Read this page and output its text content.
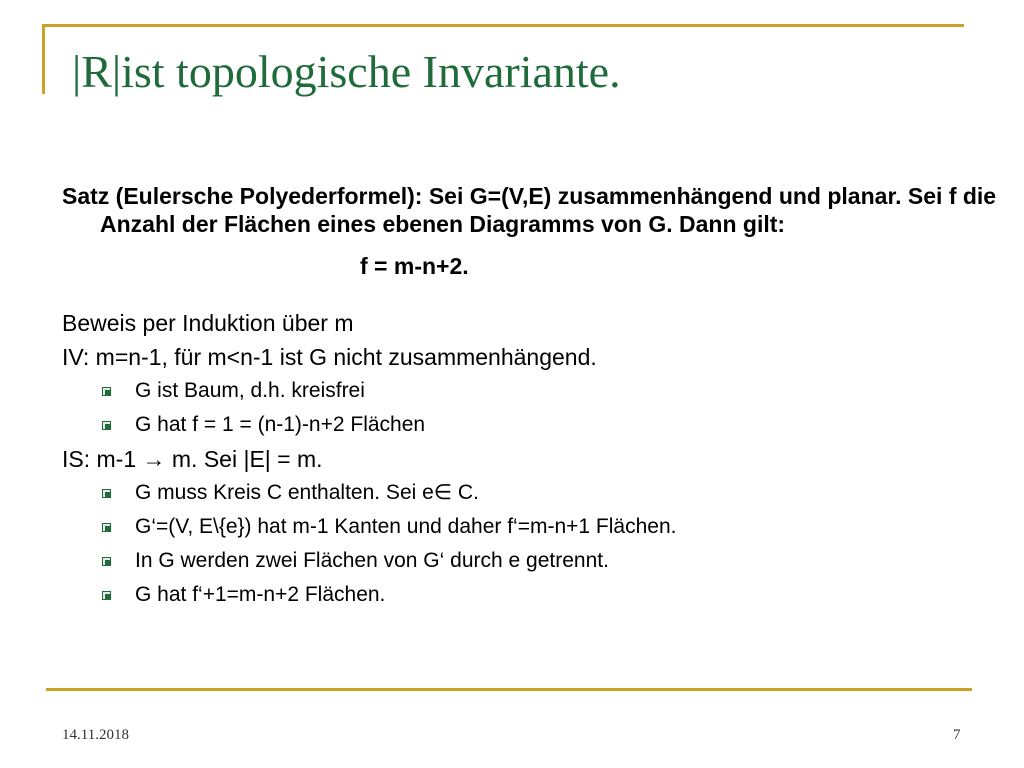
|R|ist topologische Invariante.
Satz (Eulersche Polyederformel): Sei G=(V,E) zusammenhängend und planar. Sei f die Anzahl der Flächen eines ebenen Diagramms von G. Dann gilt:
f = m-n+2.
Beweis per Induktion über m
IV: m=n-1, für m<n-1 ist G nicht zusammenhängend.
G ist Baum, d.h. kreisfrei
G hat f = 1 = (n-1)-n+2 Flächen
IS: m-1 → m. Sei |E| = m.
G muss Kreis C enthalten. Sei e∈ C.
G‘=(V, E\{e}) hat m-1 Kanten und daher f‘=m-n+1 Flächen.
In G werden zwei Flächen von G‘ durch e getrennt.
G hat f‘+1=m-n+2 Flächen.
14.11.2018	7
